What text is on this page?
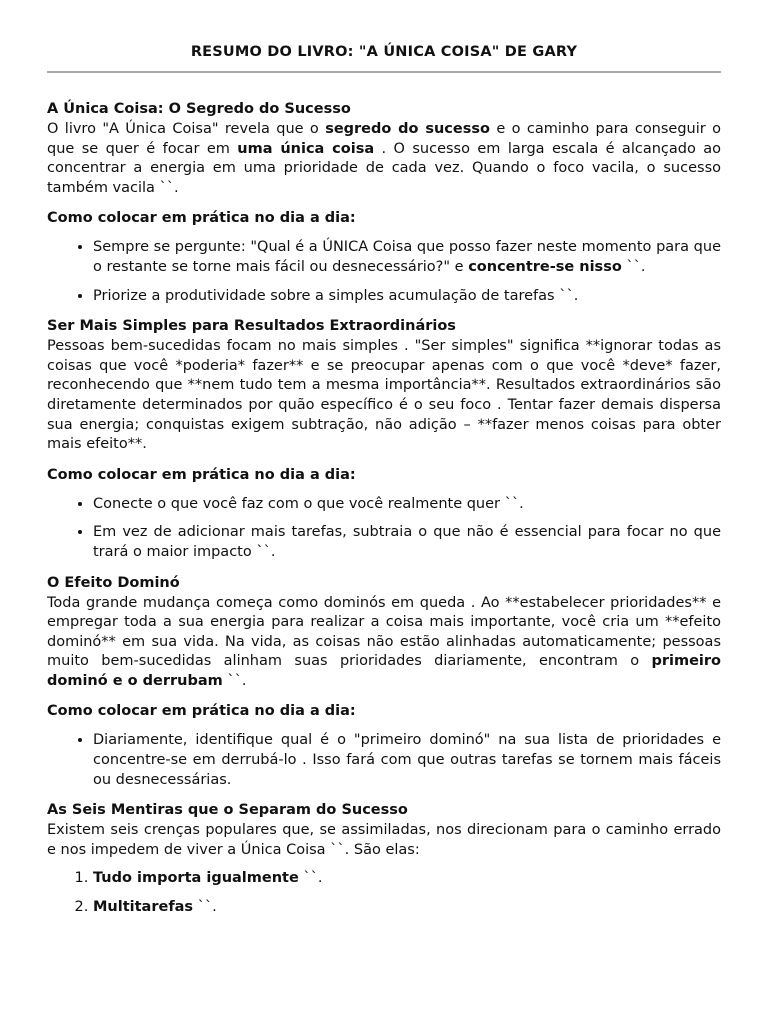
RESUMO DO LIVRO: "A ÚNICA COISA" DE GARY
A Única Coisa: O Segredo do Sucesso

O livro "A Única Coisa" revela que o segredo do sucesso e o caminho para conseguir o que se quer é focar em uma única coisa . O sucesso em larga escala é alcançado ao concentrar a energia em uma prioridade de cada vez. Quando o foco vacila, o sucesso também vacila ``.

Como colocar em prática no dia a dia:
• Sempre se pergunte: "Qual é a ÚNICA Coisa que posso fazer neste momento para que o restante se torne mais fácil ou desnecessário?" e concentre-se nisso ``.
• Priorize a produtividade sobre a simples acumulação de tarefas ``.
Ser Mais Simples para Resultados Extraordinários

Pessoas bem-sucedidas focam no mais simples . "Ser simples" significa **ignorar todas as coisas que você *poderia* fazer** e se preocupar apenas com o que você *deve* fazer, reconhecendo que **nem tudo tem a mesma importância**. Resultados extraordinários são diretamente determinados por quão específico é o seu foco . Tentar fazer demais dispersa sua energia; conquistas exigem subtração, não adição – **fazer menos coisas para obter mais efeito**.

Como colocar em prática no dia a dia:
• Conecte o que você faz com o que você realmente quer ``.
• Em vez de adicionar mais tarefas, subtraia o que não é essencial para focar no que trará o maior impacto ``.
O Efeito Dominó

Toda grande mudança começa como dominós em queda . Ao **estabelecer prioridades** e empregar toda a sua energia para realizar a coisa mais importante, você cria um **efeito dominó** em sua vida. Na vida, as coisas não estão alinhadas automaticamente; pessoas muito bem-sucedidas alinham suas prioridades diariamente, encontram o primeiro dominó e o derrubam ``.

Como colocar em prática no dia a dia:
• Diariamente, identifique qual é o "primeiro dominó" na sua lista de prioridades e concentre-se em derrubá-lo . Isso fará com que outras tarefas se tornem mais fáceis ou desnecessárias.
As Seis Mentiras que o Separam do Sucesso

Existem seis crenças populares que, se assimiladas, nos direcionam para o caminho errado e nos impedem de viver a Única Coisa ``. São elas:

1. Tudo importa igualmente ``.
2. Multitarefas ``.
